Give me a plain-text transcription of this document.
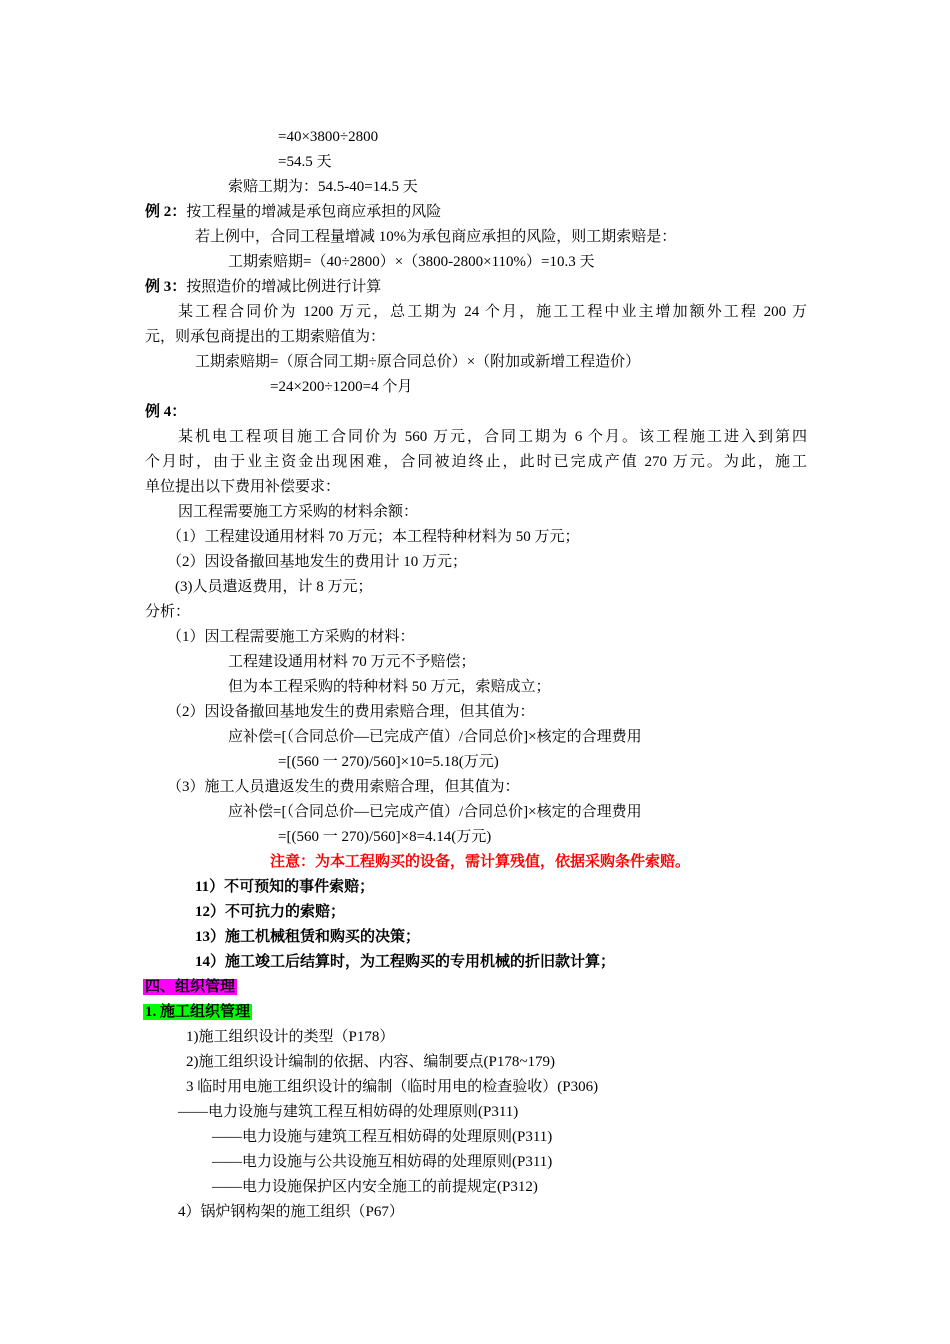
=40×3800÷2800
=54.5 天
索赔工期为：54.5-40=14.5 天
例 2：按工程量的增减是承包商应承担的风险
若上例中，合同工程量增减 10%为承包商应承担的风险，则工期索赔是：
工期索赔期=（40÷2800）×（3800-2800×110%）=10.3 天
例 3：按照造价的增减比例进行计算
某工程合同价为 1200 万元，总工期为 24 个月，施工工程中业主增加额外工程 200 万
元，则承包商提出的工期索赔值为：
工期索赔期=（原合同工期÷原合同总价）×（附加或新增工程造价）
=24×200÷1200=4 个月
例 4：
某机电工程项目施工合同价为 560 万元，合同工期为 6 个月。该工程施工进入到第四
个月时，由于业主资金出现困难，合同被迫终止，此时已完成产值 270 万元。为此，施工
单位提出以下费用补偿要求：
因工程需要施工方采购的材料余额：
（1）工程建设通用材料 70 万元；本工程特种材料为 50 万元；
（2）因设备撤回基地发生的费用计 10 万元；
(3)人员遣返费用，计 8 万元；
分析：
（1）因工程需要施工方采购的材料：
工程建设通用材料 70 万元不予赔偿；
但为本工程采购的特种材料 50 万元，索赔成立；
（2）因设备撤回基地发生的费用索赔合理，但其值为：
应补偿=[（合同总价—已完成产值）/合同总价]×核定的合理费用
=[(560 一 270)/560]×10=5.18(万元)
（3）施工人员遣返发生的费用索赔合理，但其值为：
应补偿=[（合同总价—已完成产值）/合同总价]×核定的合理费用
=[(560 一 270)/560]×8=4.14(万元)
注意：为本工程购买的设备，需计算残值，依据采购条件索赔。
11）不可预知的事件索赔；
12）不可抗力的索赔；
13）施工机械租赁和购买的决策；
14）施工竣工后结算时，为工程购买的专用机械的折旧款计算；
四、组织管理
1. 施工组织管理
1)施工组织设计的类型（P178）
2)施工组织设计编制的依据、内容、编制要点(P178~179)
3 临时用电施工组织设计的编制（临时用电的检查验收）(P306)
——电力设施与建筑工程互相妨碍的处理原则(P311)
——电力设施与建筑工程互相妨碍的处理原则(P311)
——电力设施与公共设施互相妨碍的处理原则(P311)
——电力设施保护区内安全施工的前提规定(P312)
4）锅炉钢构架的施工组织（P67）
